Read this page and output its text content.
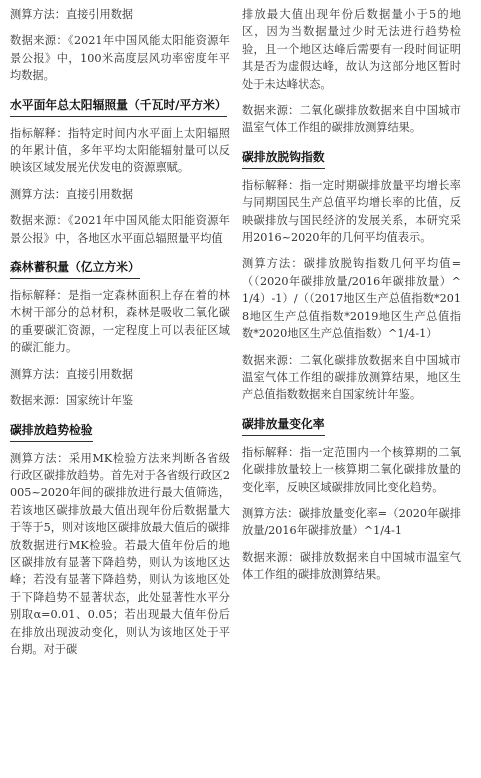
测算方法：直接引用数据

数据来源：《2021年中国风能太阳能资源年景公报》中，100米高度层风功率密度年平均数据。

水平面年总太阳辐照量（千瓦时/平方米）

指标解释：指特定时间内水平面上太阳辐照的年累计值，多年平均太阳能辐射量可以反映该区域发展光伏发电的资源禀赋。

测算方法：直接引用数据

数据来源：《2021年中国风能太阳能资源年景公报》中，各地区水平面总辐照量平均值

森林蓄积量（亿立方米）

指标解释：是指一定森林面积上存在着的林木树干部分的总材积，森林是吸收二氧化碳的重要碳汇资源，一定程度上可以表征区域的碳汇能力。

测算方法：直接引用数据

数据来源：国家统计年鉴

碳排放趋势检验

测算方法：采用MK检验方法来判断各省级行政区碳排放趋势。首先对于各省级行政区2005~2020年间的碳排放进行最大值筛选，若该地区碳排放最大值出现年份后数据量大于等于5，则对该地区碳排放最大值后的碳排放数据进行MK检验。若最大值年份后的地区碳排放有显著下降趋势，则认为该地区达峰；若没有显著下降趋势，则认为该地区处于下降趋势不显著状态，此处显著性水平分别取α=0.01、0.05；若出现最大值年份后在排放出现波动变化，则认为该地区处于平台期。对于碳

排放最大值出现年份后数据量小于5的地区，因为当数据量过少时无法进行趋势检验，且一个地区达峰后需要有一段时间证明其是否为虚假达峰，故认为这部分地区暂时处于未达峰状态。

数据来源：二氧化碳排放数据来自中国城市温室气体工作组的碳排放测算结果。

碳排放脱钩指数

指标解释：指一定时期碳排放量平均增长率与同期国民生产总值平均增长率的比值，反映碳排放与国民经济的发展关系，本研究采用2016~2020年的几何平均值表示。

测算方法：碳排放脱钩指数几何平均值=（（2020年碳排放量/2016年碳排放量）^1/4）-1）/（（2017地区生产总值指数*2018地区生产总值指数*2019地区生产总值指数*2020地区生产总值指数）^1/4-1）

数据来源：二氧化碳排放数据来自中国城市温室气体工作组的碳排放测算结果，地区生产总值指数数据来自国家统计年鉴。

碳排放量变化率

指标解释：指一定范围内一个核算期的二氧化碳排放量较上一核算期二氧化碳排放量的变化率，反映区域碳排放同比变化趋势。

测算方法：碳排放量变化率=（2020年碳排放量/2016年碳排放量）^1/4-1

数据来源：碳排放数据来自中国城市温室气体工作组的碳排放测算结果。
